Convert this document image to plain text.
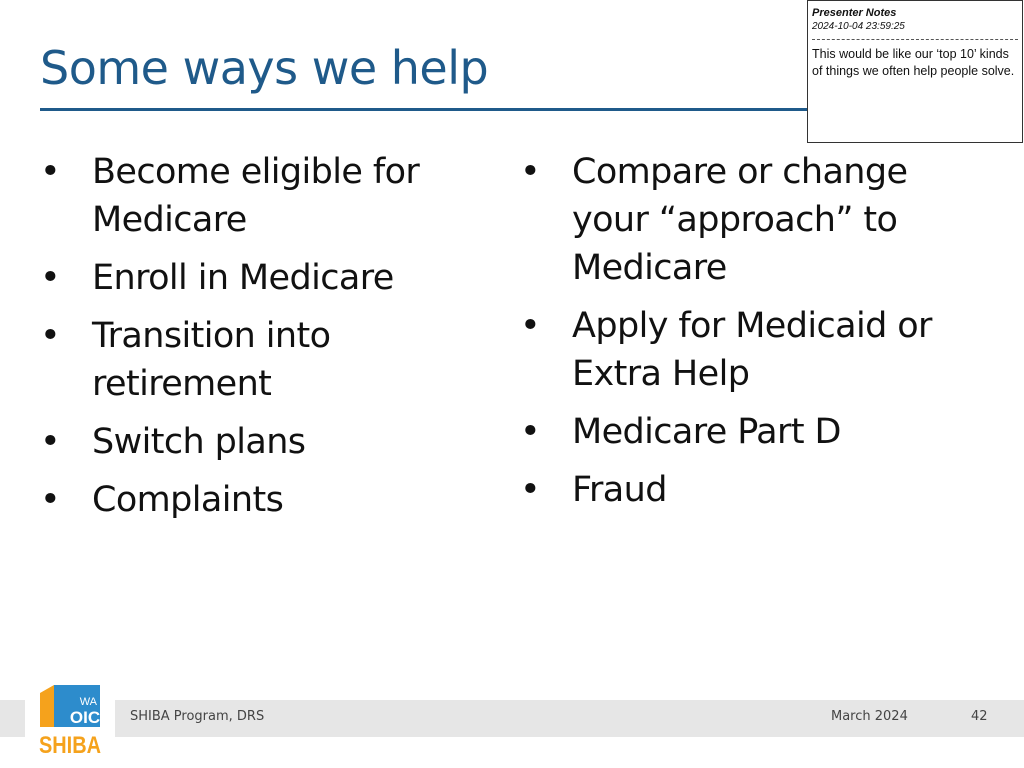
Some ways we help
• Become eligible for Medicare
• Enroll in Medicare
• Transition into retirement
• Switch plans
• Complaints
• Compare or change your “approach” to Medicare
• Apply for Medicaid or Extra Help
• Medicare Part D
• Fraud
Presenter Notes
2024-10-04 23:59:25
This would be like our ‘top 10’ kinds of things we often help people solve.
SHIBA Program, DRS	March 2024	42
WA
OIC
SHIBA
